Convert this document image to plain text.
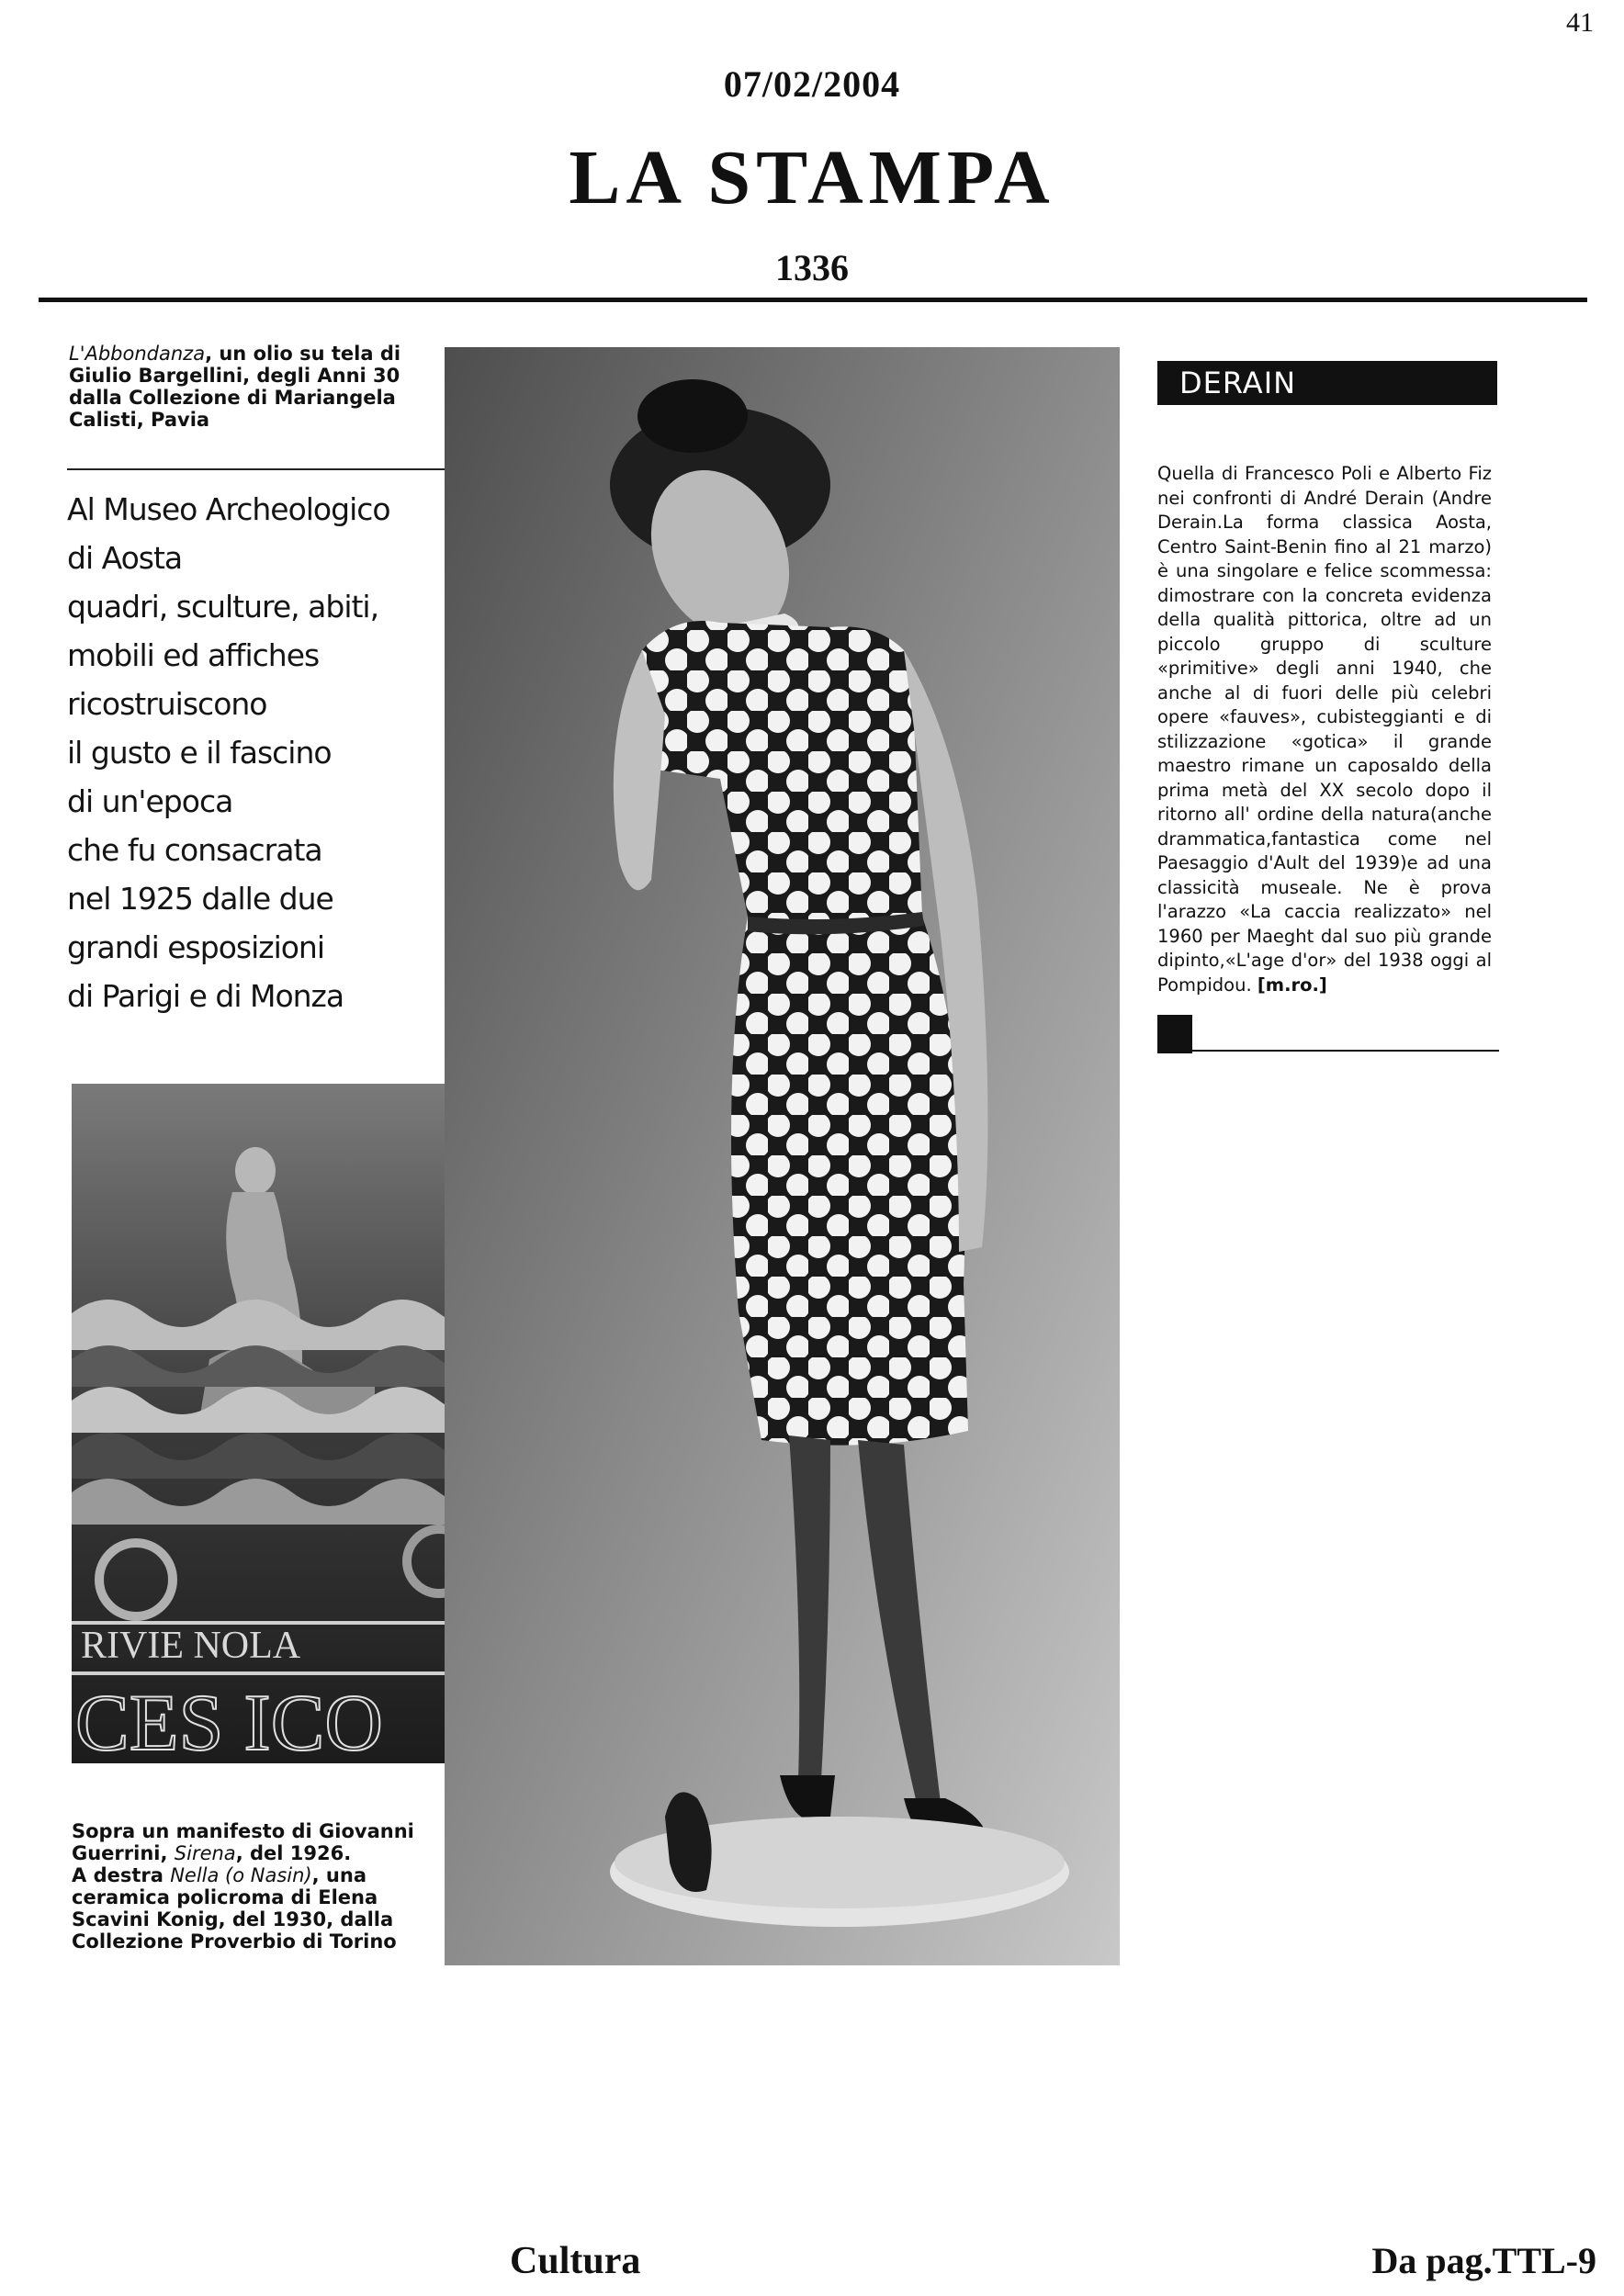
41
07/02/2004
LA STAMPA
1336
L'Abbondanza, un olio su tela di Giulio Bargellini, degli Anni 30 dalla Collezione di Mariangela Calisti, Pavia
Al Museo Archeologico
di Aosta
quadri, sculture, abiti,
mobili ed affiches
ricostruiscono
il gusto e il fascino
di un'epoca
che fu consacrata
nel 1925 dalle due
grandi esposizioni
di Parigi e di Monza
RIVIE NOLA
CES ICO
Sopra un manifesto di Giovanni Guerrini, Sirena, del 1926.
A destra Nella (o Nasin), una ceramica policroma di Elena Scavini Konig, del 1930, dalla Collezione Proverbio di Torino
DERAIN
Quella di Francesco Poli e Alberto Fiz nei confronti di André Derain (Andre Derain.La forma classica Aosta, Centro Saint-Benin fino al 21 marzo) è una singolare e felice scommessa: dimostrare con la concreta evidenza della qualità pittorica, oltre ad un piccolo gruppo di sculture «primitive» degli anni 1940, che anche al di fuori delle più celebri opere «fauves», cubisteggianti e di stilizzazione «gotica» il grande maestro rimane un caposaldo della prima metà del XX secolo dopo il ritorno all' ordine della natura(anche drammatica,fantastica come nel Paesaggio d'Ault del 1939)e ad una classicità museale. Ne è prova l'arazzo «La caccia realizzato» nel 1960 per Maeght dal suo più grande dipinto,«L'age d'or» del 1938 oggi al Pompidou. [m.ro.]
Cultura	Da pag.TTL-9
